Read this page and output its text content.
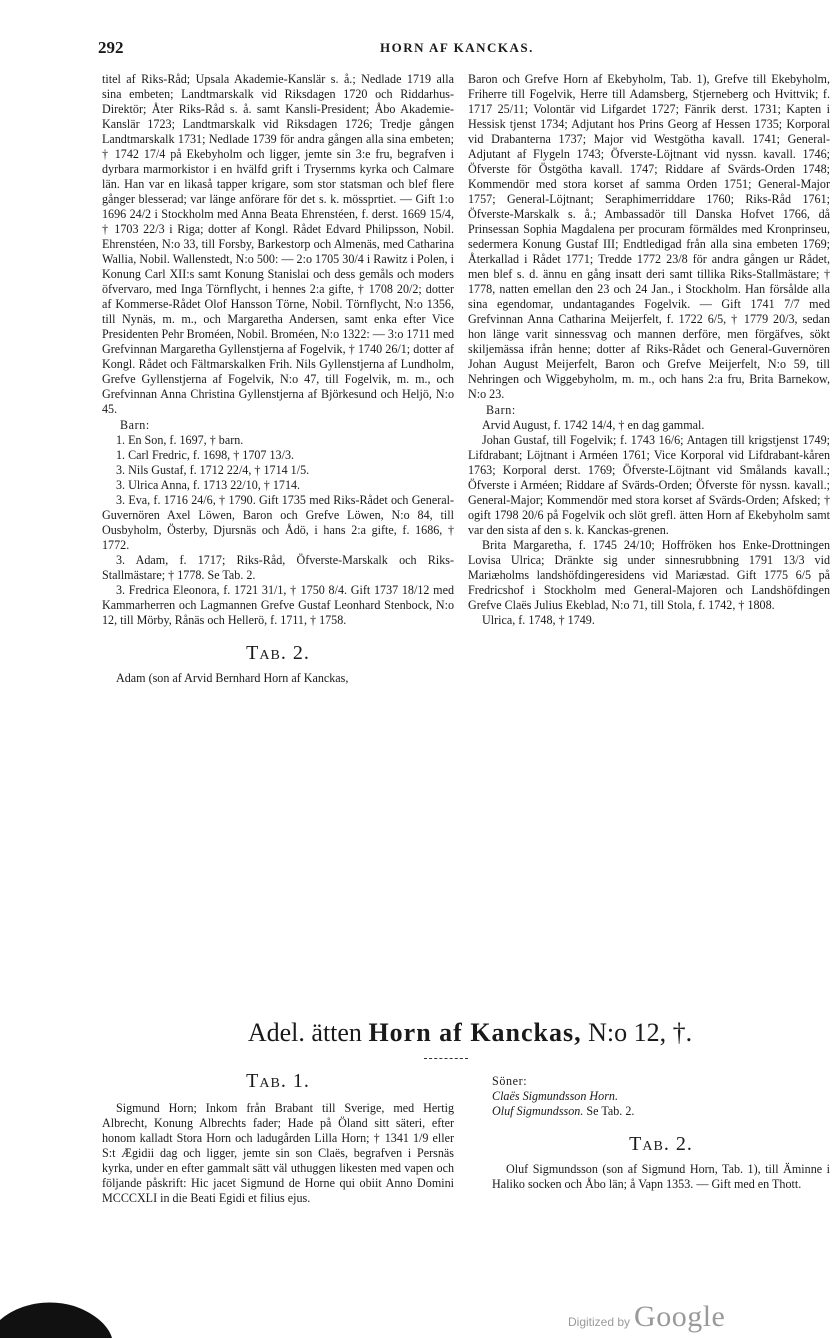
292	HORN AF KANCKAS.

titel af Riks-Råd; Upsala Akademie-Kanslär s. å.; Nedlade 1719 alla sina embeten; Landtmarskalk vid Riksdagen 1720 och Riddarhus-Direktör; Åter Riks-Råd s. å. samt Kansli-President; Åbo Akademie-Kanslär 1723; Landtmarskalk vid Riksdagen 1726; Tredje gången Landtmarskalk 1731; Nedlade 1739 för andra gången alla sina embeten; † 1742 17/4 på Ekebyholm och ligger, jemte sin 3:e fru, begrafven i dyrbara marmorkistor i en hvälfd grift i Trysernms kyrka och Calmare län. Han var en likaså tapper krigare, som stor statsman och blef flere gånger blesserad; var länge anförare för det s. k. mössprtiet. — Gift 1:o 1696 24/2 i Stockholm med Anna Beata Ehrenstéen, f. derst. 1669 15/4, † 1703 22/3 i Riga; dotter af Kongl. Rådet Edvard Philipsson, Nobil. Ehrenstéen, N:o 33, till Forsby, Barkestorp och Almenäs, med Catharina Wallia, Nobil. Wallenstedt, N:o 500: — 2:o 1705 30/4 i Rawitz i Polen, i Konung Carl XII:s samt Konung Stanislai och dess gemåls och moders öfvervaro, med Inga Törnflycht, i hennes 2:a gifte, † 1708 20/2; dotter af Kommerse-Rådet Olof Hansson Törne, Nobil. Törnflycht, N:o 1356, till Nynäs, m. m., och Margaretha Andersen, samt enka efter Vice Presidenten Pehr Broméen, Nobil. Broméen, N:o 1322: — 3:o 1711 med Grefvinnan Margaretha Gyllenstjerna af Fogelvik, † 1740 26/1; dotter af Kongl. Rådet och Fältmarskalken Frih. Nils Gyllenstjerna af Lundholm, Grefve Gyllenstjerna af Fogelvik, N:o 47, till Fogelvik, m. m., och Grefvinnan Anna Christina Gyllenstjerna af Björkesund och Heljö, N:o 45.

Barn:

1. En Son, f. 1697, † barn.

1. Carl Fredric, f. 1698, † 1707 13/3.

3. Nils Gustaf, f. 1712 22/4, † 1714 1/5.

3. Ulrica Anna, f. 1713 22/10, † 1714.

3. Eva, f. 1716 24/6, † 1790. Gift 1735 med Riks-Rådet och General-Guvernören Axel Löwen, Baron och Grefve Löwen, N:o 84, till Ousbyholm, Österby, Djursnäs och Ådö, i hans 2:a gifte, f. 1686, † 1772.

3. Adam, f. 1717; Riks-Råd, Öfverste-Marskalk och Riks-Stallmästare; † 1778. Se Tab. 2.

3. Fredrica Eleonora, f. 1721 31/1, † 1750 8/4. Gift 1737 18/12 med Kammarherren och Lagmannen Grefve Gustaf Leonhard Stenbock, N:o 12, till Mörby, Rånäs och Hellerö, f. 1711, † 1758.

Tab. 2.

Adam (son af Arvid Bernhard Horn af Kanckas,

Baron och Grefve Horn af Ekebyholm, Tab. 1), Grefve till Ekebyholm, Friherre till Fogelvik, Herre till Adamsberg, Stjerneberg och Hvittvik; f. 1717 25/11; Volontär vid Lifgardet 1727; Fänrik derst. 1731; Kapten i Hessisk tjenst 1734; Adjutant hos Prins Georg af Hessen 1735; Korporal vid Drabanterna 1737; Major vid Westgötha kavall. 1741; General-Adjutant af Flygeln 1743; Öfverste-Löjtnant vid nyssn. kavall. 1746; Öfverste för Östgötha kavall. 1747; Riddare af Svärds-Orden 1748; Kommendör med stora korset af samma Orden 1751; General-Major 1757; General-Löjtnant; Seraphimerriddare 1760; Riks-Råd 1761; Öfverste-Marskalk s. å.; Ambassadör till Danska Hofvet 1766, då Prinsessan Sophia Magdalena per procuram förmäldes med Kronprinseu, sedermera Konung Gustaf III; Endtledigad från alla sina embeten 1769; Återkallad i Rådet 1771; Tredde 1772 23/8 för andra gången ur Rådet, men blef s. d. ännu en gång insatt deri samt tillika Riks-Stallmästare; † 1778, natten emellan den 23 och 24 Jan., i Stockholm. Han försålde alla sina egendomar, undantagandes Fogelvik. — Gift 1741 7/7 med Grefvinnan Anna Catharina Meijerfelt, f. 1722 6/5, † 1779 20/3, sedan hon länge varit sinnessvag och mannen derföre, men förgäfves, sökt skiljemässa ifrån henne; dotter af Riks-Rådet och General-Guvernören Johan August Meijerfelt, Baron och Grefve Meijerfelt, N:o 59, till Nehringen och Wiggebyholm, m. m., och hans 2:a fru, Brita Barnekow, N:o 23.

Barn:

Arvid August, f. 1742 14/4, † en dag gammal.

Johan Gustaf, till Fogelvik; f. 1743 16/6; Antagen till krigstjenst 1749; Lifdrabant; Löjtnant i Arméen 1761; Vice Korporal vid Lifdrabant-kåren 1763; Korporal derst. 1769; Öfverste-Löjtnant vid Smålands kavall.; Öfverste i Arméen; Riddare af Svärds-Orden; Öfverste för nyssn. kavall.; General-Major; Kommendör med stora korset af Svärds-Orden; Afsked; † ogift 1798 20/6 på Fogelvik och slöt grefl. ätten Horn af Ekebyholm samt var den sista af den s. k. Kanckas-grenen.

Brita Margaretha, f. 1745 24/10; Hoffröken hos Enke-Drottningen Lovisa Ulrica; Dränkte sig under sinnesrubbning 1791 13/3 vid Mariæholms landshöfdingeresidens vid Mariæstad. Gift 1775 6/5 på Fredricshof i Stockholm med General-Majoren och Landshöfdingen Grefve Claës Julius Ekeblad, N:o 71, till Stola, f. 1742, † 1808.

Ulrica, f. 1748, † 1749.

Adel. ätten Horn af Kanckas, N:o 12, †.
Tab. 1.

Sigmund Horn; Inkom från Brabant till Sverige, med Hertig Albrecht, Konung Albrechts fader; Hade på Öland sitt säteri, efter honom kalladt Stora Horn och ladugården Lilla Horn; † 1341 1/9 eller S:t Ægidii dag och ligger, jemte sin son Claës, begrafven i Persnäs kyrka, under en efter gammalt sätt väl uthuggen likesten med vapen och följande påskrift: Hic jacet Sigmund de Horne qui obiit Anno Domini MCCCXLI in die Beati Egidi et filius ejus.

Söner:

Claës Sigmundsson Horn.

Oluf Sigmundsson. Se Tab. 2.

Tab. 2.

Oluf Sigmundsson (son af Sigmund Horn, Tab. 1), till Äminne i Haliko socken och Åbo län; å Vapn 1353. — Gift med en Thott.

Digitized by Google
